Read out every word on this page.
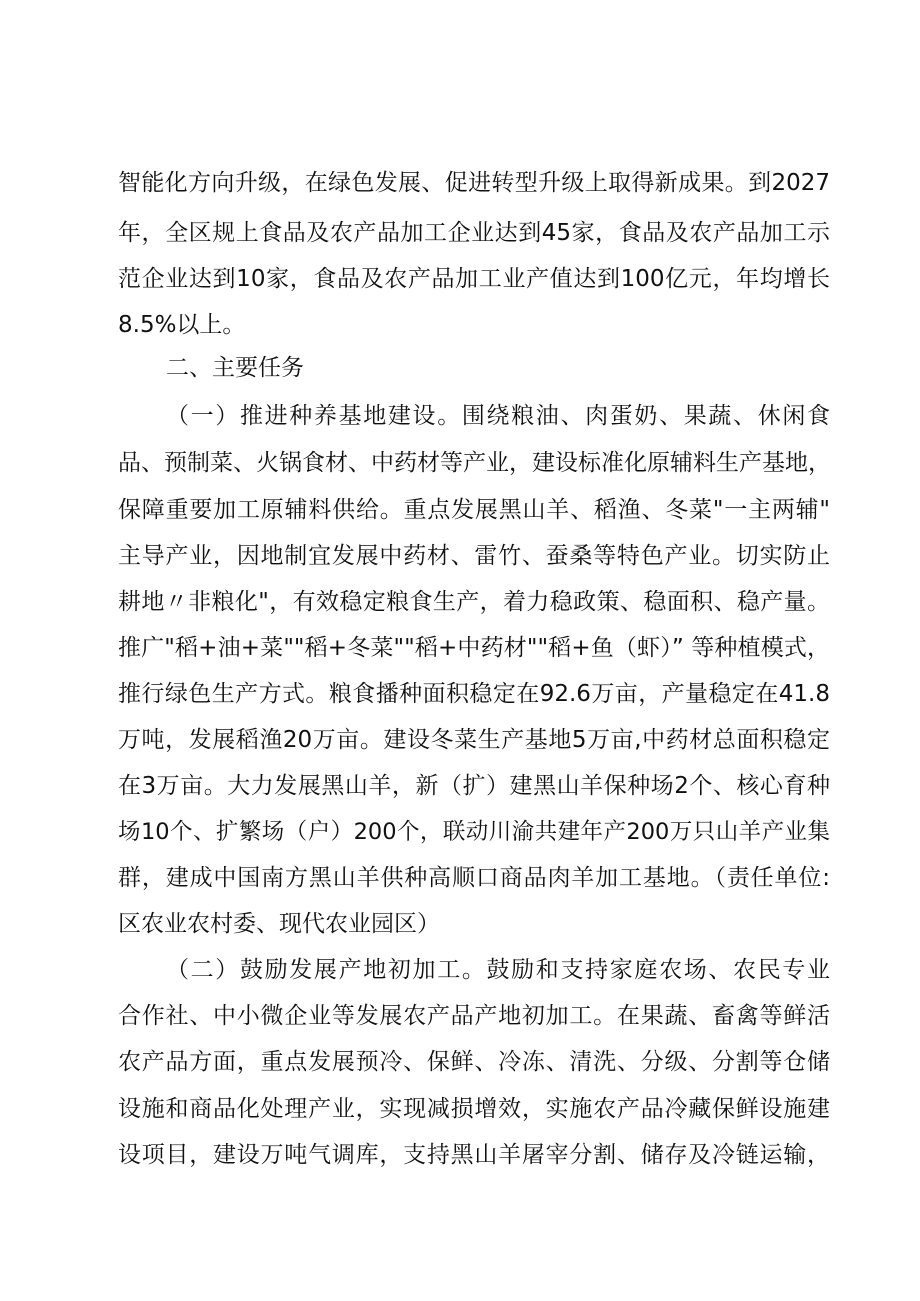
智能化方向升级，在绿色发展、促进转型升级上取得新成果。到2027
年，全区规上食品及农产品加工企业达到45家，食品及农产品加工示
范企业达到10家，食品及农产品加工业产值达到100亿元，年均增长
8.5%以上。
二、主要任务
（一）推进种养基地建设。围绕粮油、肉蛋奶、果蔬、休闲食
品、预制菜、火锅食材、中药材等产业，建设标准化原辅料生产基地，
保障重要加工原辅料供给。重点发展黑山羊、稻渔、冬菜"一主两辅"
主导产业，因地制宜发展中药材、雷竹、蚕桑等特色产业。切实防止
耕地〃非粮化"，有效稳定粮食生产，着力稳政策、稳面积、稳产量。
推广"稻+油+菜""稻+冬菜""稻+中药材""稻+鱼（虾）” 等种植模式，
推行绿色生产方式。粮食播种面积稳定在92.6万亩，产量稳定在41.8
万吨，发展稻渔20万亩。建设冬菜生产基地5万亩,中药材总面积稳定
在3万亩。大力发展黑山羊，新（扩）建黑山羊保种场2个、核心育种
场10个、扩繁场（户）200个，联动川渝共建年产200万只山羊产业集
群，建成中国南方黑山羊供种高顺口商品肉羊加工基地。（责任单位:
区农业农村委、现代农业园区）
（二）鼓励发展产地初加工。鼓励和支持家庭农场、农民专业
合作社、中小微企业等发展农产品产地初加工。在果蔬、畜禽等鲜活
农产品方面，重点发展预冷、保鲜、冷冻、清洗、分级、分割等仓储
设施和商品化处理产业，实现减损增效，实施农产品冷藏保鲜设施建
设项目，建设万吨气调库，支持黑山羊屠宰分割、储存及冷链运输，
